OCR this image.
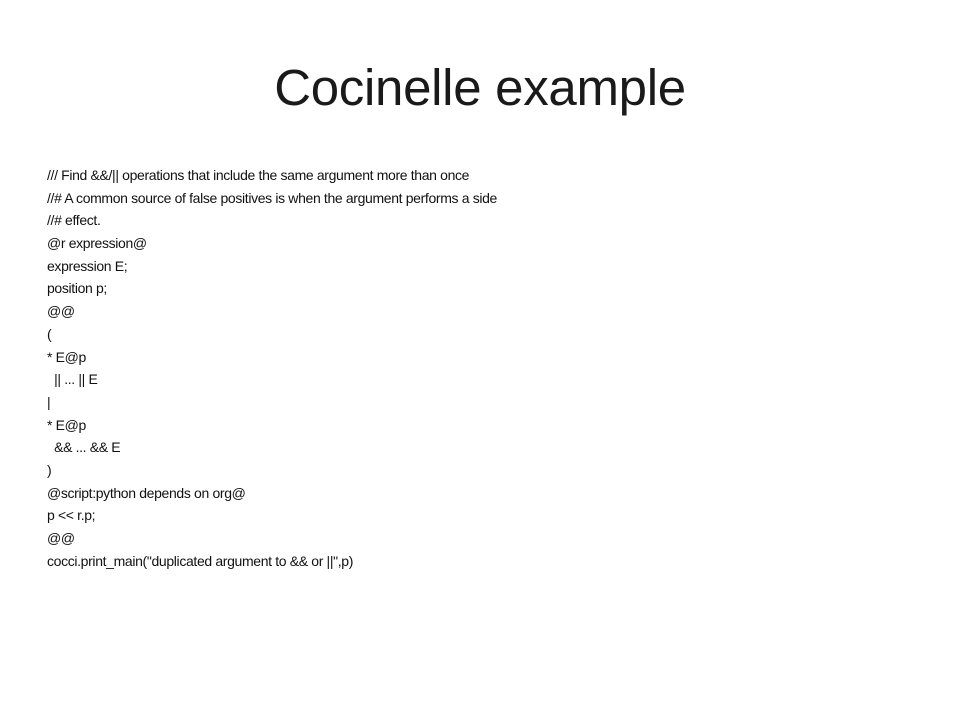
Cocinelle example
/// Find &&/|| operations that include the same argument more than once
//# A common source of false positives is when the argument performs a side
//# effect.
@r expression@
expression E;
position p;
@@
(
* E@p
|| ... || E
|
* E@p
&& ... && E
)
@script:python depends on org@
p << r.p;
@@
cocci.print_main("duplicated argument to && or ||",p)
